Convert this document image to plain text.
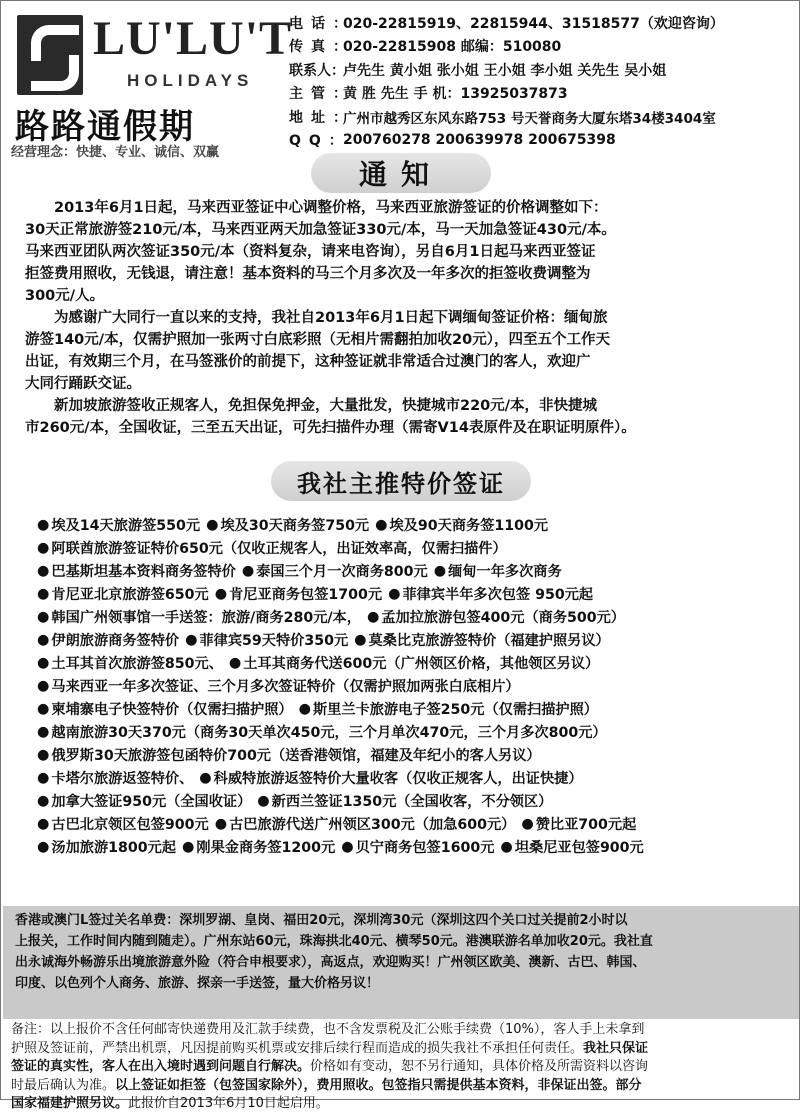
LU'LU'T
HOLIDAYS
路路通假期
经营理念：快捷、专业、诚信、双赢
电话：
020-22815919、22815944、31518577（欢迎咨询）
传真：
020-22815908 邮编：510080
联系人：
卢先生 黄小姐 张小姐 王小姐 李小姐 关先生 吴小姐
主管：
黄 胜 先生 手 机：13925037873
地址：
广州市越秀区东风东路753 号天誉商务大厦东塔34楼3404室
QQ：
200760278 200639978 200675398
通知

2013年6月1日起，马来西亚签证中心调整价格，马来西亚旅游签证的价格调整如下：

30天正常旅游签210元/本，马来西亚两天加急签证330元/本，马一天加急签证430元/本。

马来西亚团队两次签证350元/本（资料复杂，请来电咨询），另自6月1日起马来西亚签证

拒签费用照收，无钱退，请注意！基本资料的马三个月多次及一年多次的拒签收费调整为

300元/人。

为感谢广大同行一直以来的支持，我社自2013年6月1日起下调缅甸签证价格：缅甸旅

游签140元/本，仅需护照加一张两寸白底彩照（无相片需翻拍加收20元），四至五个工作天

出证，有效期三个月，在马签涨价的前提下，这种签证就非常适合过澳门的客人，欢迎广

大同行踊跃交证。

新加坡旅游签收正规客人，免担保免押金，大量批发，快捷城市220元/本，非快捷城

市260元/本，全国收证，三至五天出证，可先扫描件办理（需寄V14表原件及在职证明原件）。

我社主推特价签证
● 埃及14天旅游签550元 ● 埃及30天商务签750元 ● 埃及90天商务签1100元
● 阿联酋旅游签证特价650元（仅收正规客人，出证效率高，仅需扫描件）
● 巴基斯坦基本资料商务签特价 ● 泰国三个月一次商务800元 ● 缅甸一年多次商务
● 肯尼亚北京旅游签650元 ● 肯尼亚商务包签1700元 ● 菲律宾半年多次包签 950元起
● 韩国广州领事馆一手送签：旅游/商务280元/本， ● 孟加拉旅游包签400元（商务500元）
● 伊朗旅游商务签特价 ● 菲律宾59天特价350元 ● 莫桑比克旅游签特价（福建护照另议）
● 土耳其首次旅游签850元、 ● 土耳其商务代送600元（广州领区价格，其他领区另议）
● 马来西亚一年多次签证、三个月多次签证特价（仅需护照加两张白底相片）
● 柬埔寨电子快签特价（仅需扫描护照） ● 斯里兰卡旅游电子签250元（仅需扫描护照）
● 越南旅游30天370元（商务30天单次450元，三个月单次470元，三个月多次800元）
● 俄罗斯30天旅游签包函特价700元（送香港领馆，福建及年纪小的客人另议）
● 卡塔尔旅游返签特价、 ● 科威特旅游返签特价大量收客（仅收正规客人，出证快捷）
● 加拿大签证950元（全国收证） ● 新西兰签证1350元（全国收客，不分领区）
● 古巴北京领区包签900元 ● 古巴旅游代送广州领区300元（加急600元） ● 赞比亚700元起
● 汤加旅游1800元起 ● 刚果金商务签1200元 ● 贝宁商务包签1600元 ● 坦桑尼亚包签900元

香港或澳门L签过关名单费：深圳罗湖、皇岗、福田20元，深圳湾30元（深圳这四个关口过关提前2小时以

上报关，工作时间内随到随走）。广州东站60元，珠海拱北40元、横琴50元。港澳联游名单加收20元。我社直

出永诚海外畅游乐出境旅游意外险（符合申根要求），高返点，欢迎购买！广州领区欧美、澳新、古巴、韩国、

印度、以色列个人商务、旅游、探亲一手送签，量大价格另议！

备注：以上报价不含任何邮寄快递费用及汇款手续费，也不含发票税及汇公账手续费（10%），客人手上未拿到
护照及签证前，严禁出机票，凡因提前购买机票或安排后续行程而造成的损失我社不承担任何责任。我社只保证
签证的真实性，客人在出入境时遇到问题自行解决。价格如有变动，恕不另行通知，具体价格及所需资料以咨询
时最后确认为准。以上签证如拒签（包签国家除外），费用照收。包签指只需提供基本资料，非保证出签。部分
国家福建护照另议。此报价自2013年6月10日起启用。
